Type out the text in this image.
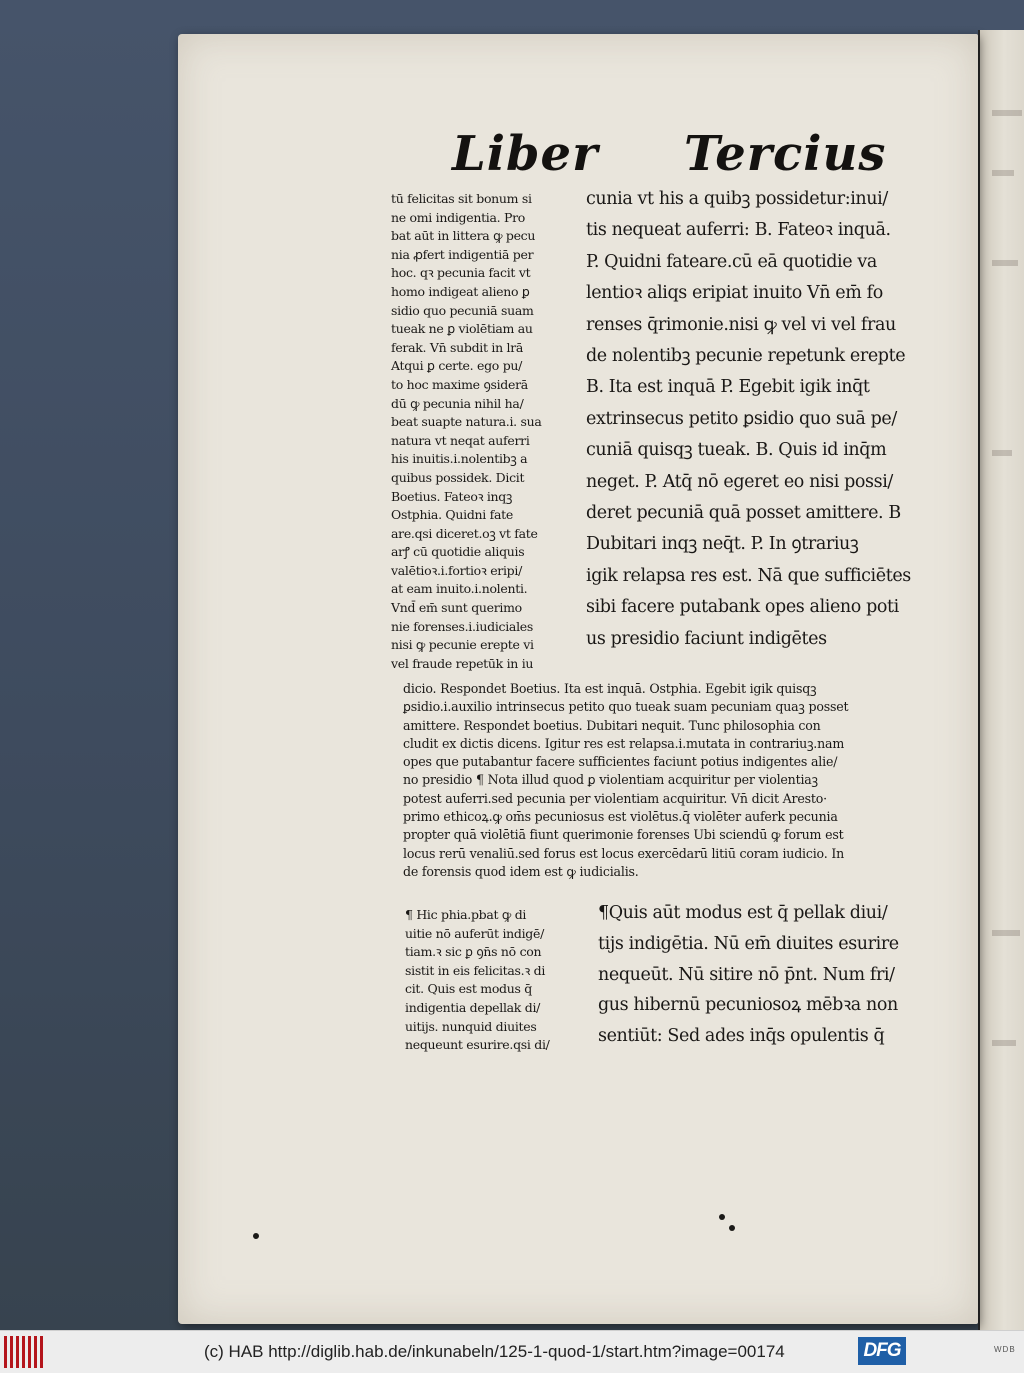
Liber Tercius
tū felicitas sit bonum si
ne omi indigentia. Pro
bat aūt in littera ꝙ pecu
nia ꝓfert indigentiā per
hoc. qꝛ pecunia facit vt
homo indigeat alieno ꝑ
sidio quo pecuniā suam
tueak ne ꝑ violētiam au
ferak. Vn̄ subdit in lrā
Atqui ꝑ certe. ego pu/
to hoc maxime ꝯsiderā
dū ꝙ pecunia nihil ha/
beat suapte natura.i. sua
natura vt neqat auferri
his inuitis.i.nolentibꝫ a
quibus possidek. Dicit
Boetius. Fateoꝛ inqꝫ
Ostphia. Quidni fate
are.qsi diceret.oꝫ vt fate
arꝭ cū quotidie aliquis
valētioꝛ.i.fortioꝛ eripi/
at eam inuito.i.nolenti.
Vnd̄ em̄ sunt querimo
nie forenses.i.iudiciales
nisi ꝙ pecunie erepte vi
vel fraude repetūk in iu
cunia vt his a quibꝫ possidetur:inui/
tis nequeat auferri: B. Fateoꝛ inquā.
P. Quidni fateare.cū eā quotidie va
lentioꝛ aliqs eripiat inuito Vn̄ em̄ fo
renses q̄rimonie.nisi ꝙ vel vi vel frau
de nolentibꝫ pecunie repetunk erepte
B. Ita est inquā P. Egebit igik inq̄t
extrinsecus petito ꝑsidio quo suā pe/
cuniā quisqꝫ tueak. B. Quis id inq̄m
neget. P. Atq̄ nō egeret eo nisi possi/
deret pecuniā quā posset amittere. B
Dubitari inqꝫ neq̄t. P. In ꝯtrariuꝫ
igik relapsa res est. Nā que sufficiētes
sibi facere putabank opes alieno poti
us presidio faciunt indigētes
dicio. Respondet Boetius. Ita est inquā. Ostphia. Egebit igik quisqꝫ
ꝑsidio.i.auxilio intrinsecus petito quo tueak suam pecuniam quaꝫ posset
amittere. Respondet boetius. Dubitari nequit. Tunc philosophia con
cludit ex dictis dicens. Igitur res est relapsa.i.mutata in contrariuꝫ.nam
opes que putabantur facere sufficientes faciunt potius indigentes alie/
no presidio ¶ Nota illud quod ꝑ violentiam acquiritur per violentiaꝫ
potest auferri.sed pecunia per violentiam acquiritur. Vn̄ dicit Aresto·
primo ethicoꝝ.ꝙ om̄s pecuniosus est violētus.q̄ violēter auferk pecunia
propter quā violētiā fiunt querimonie forenses Ubi sciendū ꝙ forum est
locus rerū venaliū.sed forus est locus exercēdarū litiū coram iudicio. In
de forensis quod idem est ꝙ iudicialis.
¶ Hic phia.pbat ꝙ di
uitie nō auferūt indigē/
tiam.ꝛ sic ꝑ ꝯn̄s nō con
sistit in eis felicitas.ꝛ di
cit. Quis est modus q̄
indigentia depellak di/
uitijs. nunquid diuites
nequeunt esurire.qsi di/
¶Quis aūt modus est q̄ pellak diui/
tijs indigētia. Nū em̄ diuites esurire
nequeūt. Nū sitire nō p̄nt. Num fri/
gus hibernū pecuniosoꝝ mēbꝛa non
sentiūt: Sed ades inq̄s opulentis q̄
(c) HAB http://diglib.hab.de/inkunabeln/125-1-quod-1/start.htm?image=00174	DFG	WDB
